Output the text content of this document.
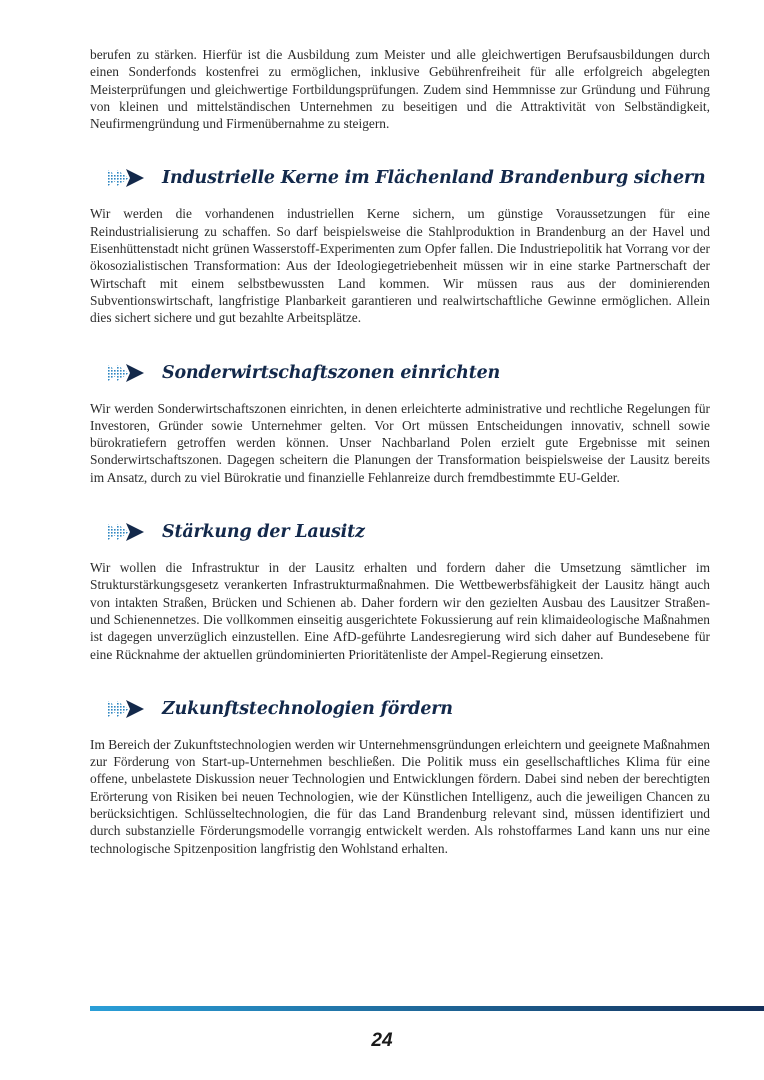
berufen zu stärken. Hierfür ist die Ausbildung zum Meister und alle gleichwertigen Berufsausbildungen durch einen Sonderfonds kostenfrei zu ermöglichen, inklusive Gebührenfreiheit für alle erfolgreich abgelegten Meisterprüfungen und gleichwertige Fortbildungsprüfungen. Zudem sind Hemmnisse zur Gründung und Führung von kleinen und mittelständischen Unternehmen zu beseitigen und die Attraktivität von Selbständigkeit, Neufirmengründung und Firmenübernahme zu steigern.

Industrielle Kerne im Flächenland Brandenburg sichern

Wir werden die vorhandenen industriellen Kerne sichern, um günstige Voraussetzungen für eine Reindustrialisierung zu schaffen. So darf beispielsweise die Stahlproduktion in Brandenburg an der Havel und Eisenhüttenstadt nicht grünen Wasserstoff-Experimenten zum Opfer fallen. Die Industriepolitik hat Vorrang vor der ökosozialistischen Transformation: Aus der Ideologiegetriebenheit müssen wir in eine starke Partnerschaft der Wirtschaft mit einem selbstbewussten Land kommen. Wir müssen raus aus der dominierenden Subventionswirtschaft, langfristige Planbarkeit garantieren und realwirtschaftliche Gewinne ermöglichen. Allein dies sichert sichere und gut bezahlte Arbeitsplätze.

Sonderwirtschaftszonen einrichten

Wir werden Sonderwirtschaftszonen einrichten, in denen erleichterte administrative und rechtliche Regelungen für Investoren, Gründer sowie Unternehmer gelten. Vor Ort müssen Entscheidungen innovativ, schnell sowie bürokratiefern getroffen werden können. Unser Nachbarland Polen erzielt gute Ergebnisse mit seinen Sonderwirtschaftszonen. Dagegen scheitern die Planungen der Transformation beispielsweise der Lausitz bereits im Ansatz, durch zu viel Bürokratie und finanzielle Fehlanreize durch fremdbestimmte EU-Gelder.

Stärkung der Lausitz

Wir wollen die Infrastruktur in der Lausitz erhalten und fordern daher die Umsetzung sämtlicher im Strukturstärkungsgesetz verankerten Infrastrukturmaßnahmen. Die Wettbewerbsfähigkeit der Lausitz hängt auch von intakten Straßen, Brücken und Schienen ab. Daher fordern wir den gezielten Ausbau des Lausitzer Straßen- und Schienennetzes. Die vollkommen einseitig ausgerichtete Fokussierung auf rein klimaideologische Maßnahmen ist dagegen unverzüglich einzustellen. Eine AfD-geführte Landesregierung wird sich daher auf Bundesebene für eine Rücknahme der aktuellen gründominierten Prioritätenliste der Ampel-Regierung einsetzen.

Zukunftstechnologien fördern

Im Bereich der Zukunftstechnologien werden wir Unternehmensgründungen erleichtern und geeignete Maßnahmen zur Förderung von Start-up-Unternehmen beschließen. Die Politik muss ein gesellschaftliches Klima für eine offene, unbelastete Diskussion neuer Technologien und Entwicklungen fördern. Dabei sind neben der berechtigten Erörterung von Risiken bei neuen Technologien, wie der Künstlichen Intelligenz, auch die jeweiligen Chancen zu berücksichtigen. Schlüsseltechnologien, die für das Land Brandenburg relevant sind, müssen identifiziert und durch substanzielle Förderungsmodelle vorrangig entwickelt werden. Als rohstoffarmes Land kann uns nur eine technologische Spitzenposition langfristig den Wohlstand erhalten.

24
